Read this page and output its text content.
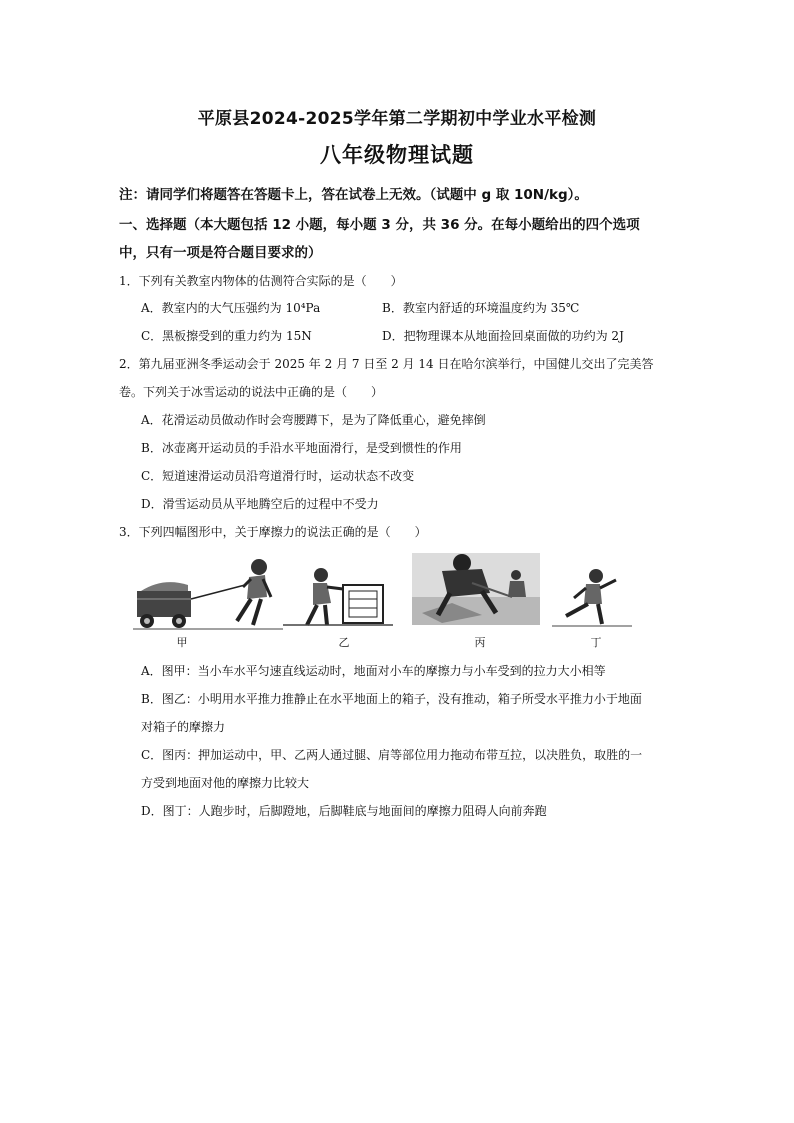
平原县2024-2025学年第二学期初中学业水平检测
八年级物理试题
注：请同学们将题答在答题卡上，答在试卷上无效。（试题中 g 取 10N/kg）。
一、选择题（本大题包括 12 小题，每小题 3 分，共 36 分。在每小题给出的四个选项
中，只有一项是符合题目要求的）
1．下列有关教室内物体的估测符合实际的是（　　）
A．教室内的大气压强约为 10⁴Pa	B．教室内舒适的环境温度约为 35℃
C．黑板擦受到的重力约为 15N	D．把物理课本从地面捡回桌面做的功约为 2J
2．第九届亚洲冬季运动会于 2025 年 2 月 7 日至 2 月 14 日在哈尔滨举行，中国健儿交出了完美答
卷。下列关于冰雪运动的说法中正确的是（　　）
A．花滑运动员做动作时会弯腰蹲下，是为了降低重心，避免摔倒
B．冰壶离开运动员的手沿水平地面滑行，是受到惯性的作用
C．短道速滑运动员沿弯道滑行时，运动状态不改变
D．滑雪运动员从平地腾空后的过程中不受力
3．下列四幅图形中，关于摩擦力的说法正确的是（　　）
甲	乙	丙	丁
A．图甲：当小车水平匀速直线运动时，地面对小车的摩擦力与小车受到的拉力大小相等
B．图乙：小明用水平推力推静止在水平地面上的箱子，没有推动，箱子所受水平推力小于地面
对箱子的摩擦力
C．图丙：押加运动中，甲、乙两人通过腿、肩等部位用力拖动布带互拉，以决胜负，取胜的一
方受到地面对他的摩擦力比较大
D．图丁：人跑步时，后脚蹬地，后脚鞋底与地面间的摩擦力阻碍人向前奔跑
